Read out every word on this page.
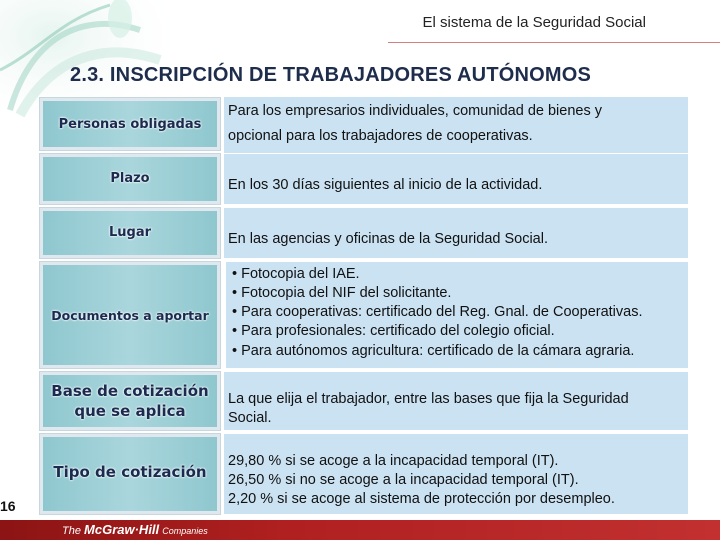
El sistema de la Seguridad Social
2.3. INSCRIPCIÓN DE TRABAJADORES AUTÓNOMOS
Personas obligadas
Para los empresarios individuales, comunidad de bienes y
opcional para los trabajadores de cooperativas.
Plazo	En los 30 días siguientes al inicio de la actividad.
Lugar	En las agencias y oficinas de la Seguridad Social.
Documentos a aportar
• Fotocopia del IAE.
• Fotocopia del NIF del solicitante.
• Para cooperativas: certificado del Reg. Gnal. de Cooperativas.
• Para profesionales: certificado del colegio oficial.
• Para autónomos agricultura: certificado de la cámara agraria.
Base de cotización
que se aplica
La que elija el trabajador, entre las bases que fija la Seguridad
Social.
Tipo de cotización
29,80 % si se acoge a la incapacidad temporal (IT).
26,50 % si no se acoge a la incapacidad temporal (IT).
2,20 % si se acoge al sistema de protección por desempleo.
16
The McGraw·Hill Companies
